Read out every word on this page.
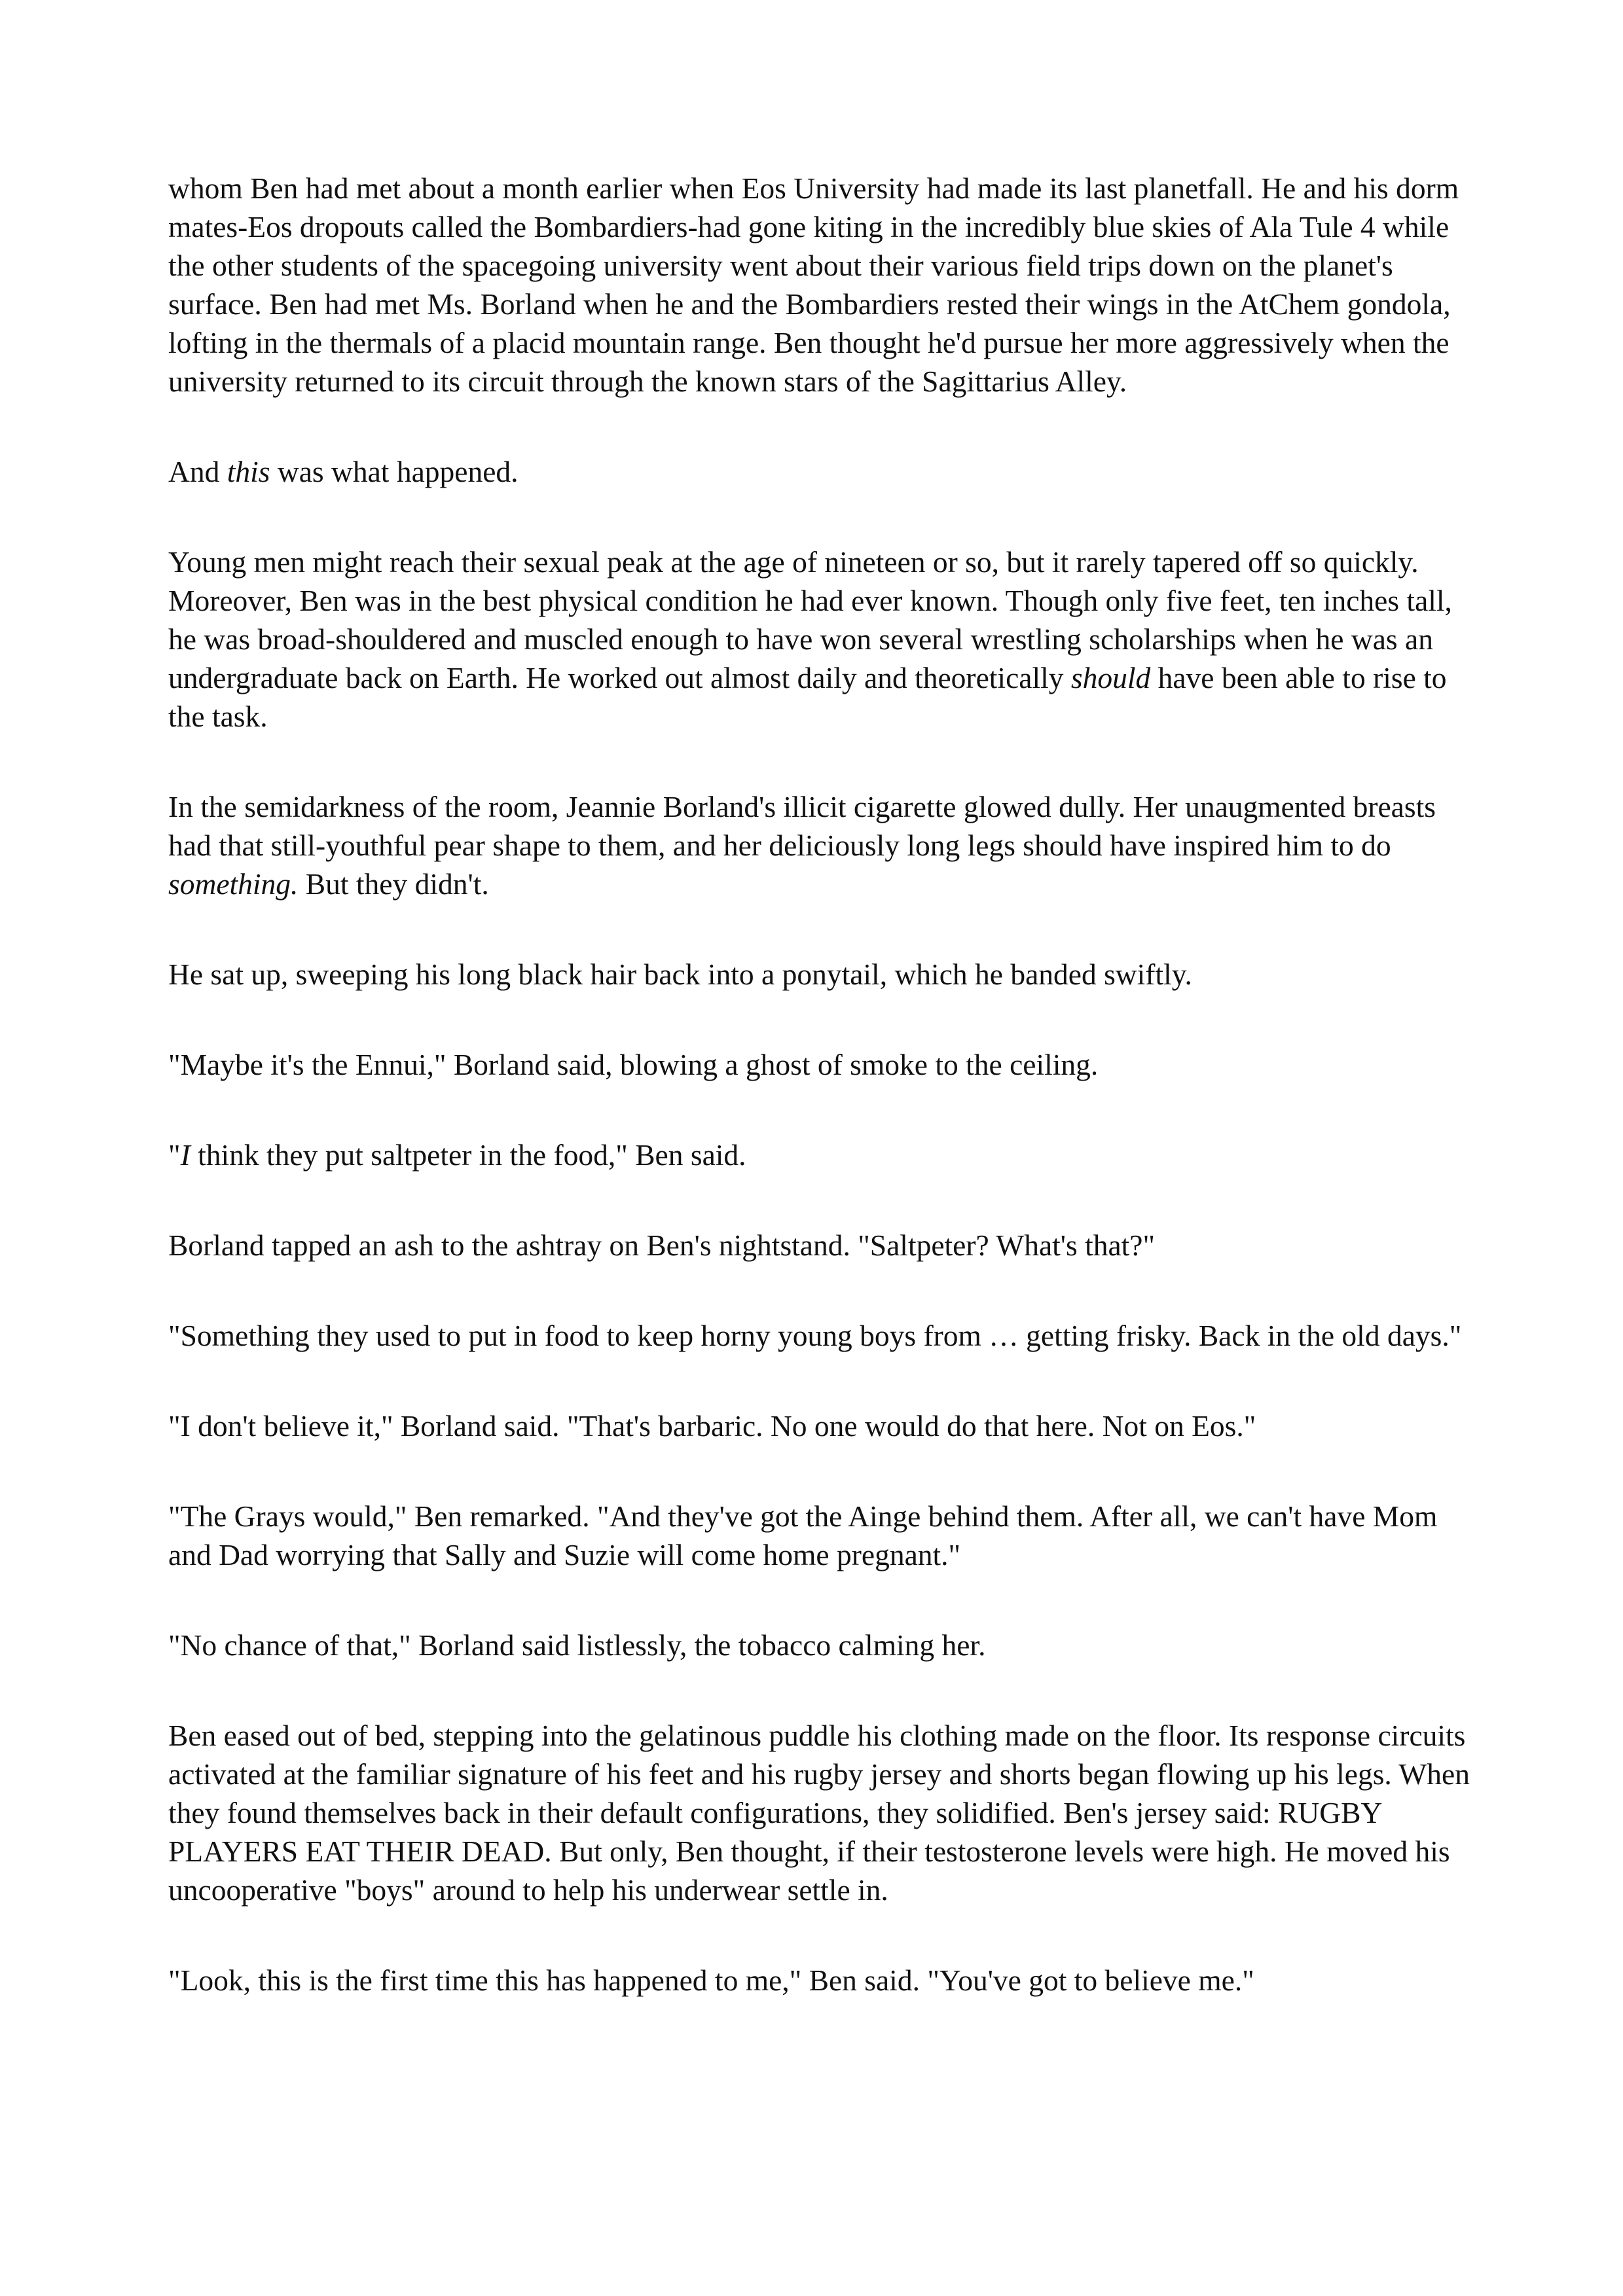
whom Ben had met about a month earlier when Eos University had made its last planetfall. He and his dorm mates-Eos dropouts called the Bombardiers-had gone kiting in the incredibly blue skies of Ala Tule 4 while the other students of the spacegoing university went about their various field trips down on the planet's surface. Ben had met Ms. Borland when he and the Bombardiers rested their wings in the AtChem gondola, lofting in the thermals of a placid mountain range. Ben thought he'd pursue her more aggressively when the university returned to its circuit through the known stars of the Sagittarius Alley.

And this was what happened.

Young men might reach their sexual peak at the age of nineteen or so, but it rarely tapered off so quickly. Moreover, Ben was in the best physical condition he had ever known. Though only five feet, ten inches tall, he was broad-shouldered and muscled enough to have won several wrestling scholarships when he was an undergraduate back on Earth. He worked out almost daily and theoretically should have been able to rise to the task.

In the semidarkness of the room, Jeannie Borland's illicit cigarette glowed dully. Her unaugmented breasts had that still-youthful pear shape to them, and her deliciously long legs should have inspired him to do something. But they didn't.

He sat up, sweeping his long black hair back into a ponytail, which he banded swiftly.

"Maybe it's the Ennui," Borland said, blowing a ghost of smoke to the ceiling.

"I think they put saltpeter in the food," Ben said.

Borland tapped an ash to the ashtray on Ben's nightstand. "Saltpeter? What's that?"

"Something they used to put in food to keep horny young boys from … getting frisky. Back in the old days."

"I don't believe it," Borland said. "That's barbaric. No one would do that here. Not on Eos."

"The Grays would," Ben remarked. "And they've got the Ainge behind them. After all, we can't have Mom and Dad worrying that Sally and Suzie will come home pregnant."

"No chance of that," Borland said listlessly, the tobacco calming her.

Ben eased out of bed, stepping into the gelatinous puddle his clothing made on the floor. Its response circuits activated at the familiar signature of his feet and his rugby jersey and shorts began flowing up his legs. When they found themselves back in their default configurations, they solidified. Ben's jersey said: RUGBY PLAYERS EAT THEIR DEAD. But only, Ben thought, if their testosterone levels were high. He moved his uncooperative "boys" around to help his underwear settle in.

"Look, this is the first time this has happened to me," Ben said. "You've got to believe me."
